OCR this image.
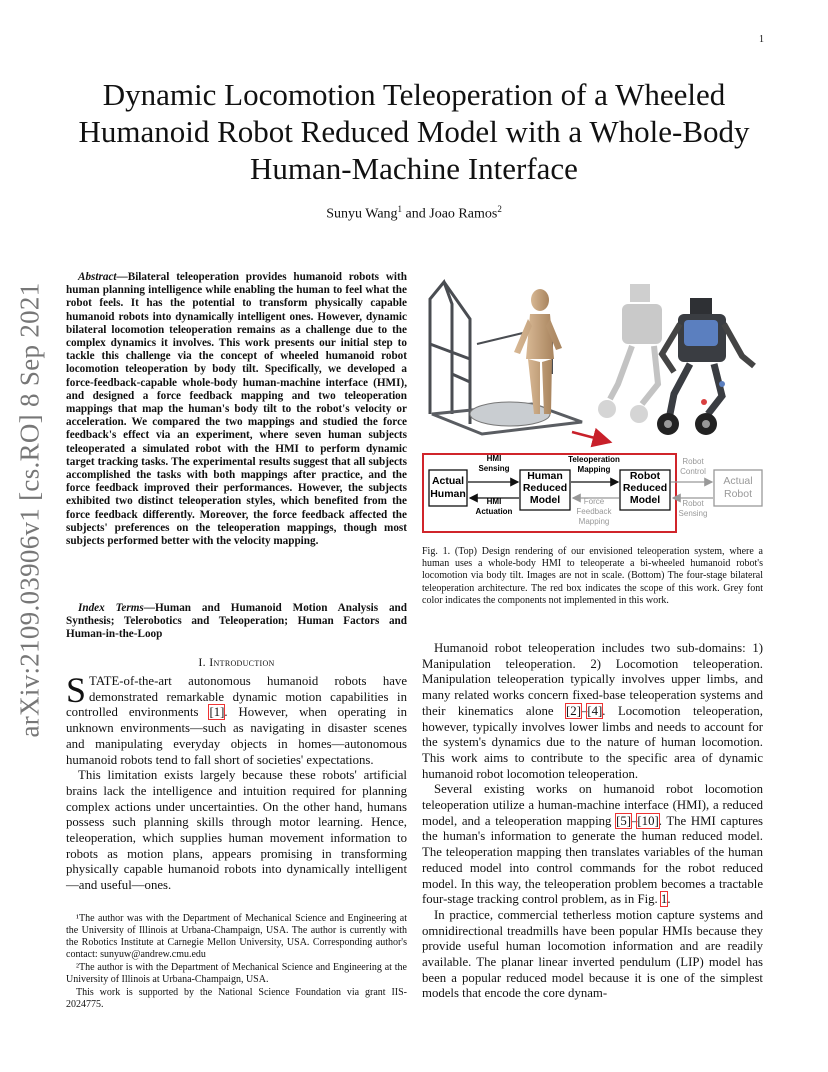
1
arXiv:2109.03906v1 [cs.RO] 8 Sep 2021
Dynamic Locomotion Teleoperation of a Wheeled Humanoid Robot Reduced Model with a Whole-Body Human-Machine Interface
Sunyu Wang$^1$ and Joao Ramos$^2$
Abstract—Bilateral teleoperation provides humanoid robots with human planning intelligence while enabling the human to feel what the robot feels. It has the potential to transform physically capable humanoid robots into dynamically intelligent ones. However, dynamic bilateral locomotion teleoperation remains as a challenge due to the complex dynamics it involves. This work presents our initial step to tackle this challenge via the concept of wheeled humanoid robot locomotion teleoperation by body tilt. Specifically, we developed a force-feedback-capable whole-body human-machine interface (HMI), and designed a force feedback mapping and two teleoperation mappings that map the human's body tilt to the robot's velocity or acceleration. We compared the two mappings and studied the force feedback's effect via an experiment, where seven human subjects teleoperated a simulated robot with the HMI to perform dynamic target tracking tasks. The experimental results suggest that all subjects accomplished the tasks with both mappings after practice, and the force feedback improved their performances. However, the subjects exhibited two distinct teleoperation styles, which benefited from the force feedback differently. Moreover, the force feedback affected the subjects' preferences on the teleoperation mappings, though most subjects performed better with the velocity mapping.
Index Terms—Human and Humanoid Motion Analysis and Synthesis; Telerobotics and Teleoperation; Human Factors and Human-in-the-Loop
I. Introduction

STATE-of-the-art autonomous humanoid robots have demonstrated remarkable dynamic motion capabilities in controlled environments [1]. However, when operating in unknown environments—such as navigating in disaster scenes and manipulating everyday objects in homes—autonomous humanoid robots tend to fall short of societies' expectations.

This limitation exists largely because these robots' artificial brains lack the intelligence and intuition required for planning complex actions under uncertainties. On the other hand, humans possess such planning skills through motor learning. Hence, teleoperation, which supplies human movement information to robots as motion plans, appears promising in transforming physically capable humanoid robots into dynamically intelligent—and useful—ones.

¹The author was with the Department of Mechanical Science and Engineering at the University of Illinois at Urbana-Champaign, USA. The author is currently with the Robotics Institute at Carnegie Mellon University, USA. Corresponding author's contact: sunyuw@andrew.cmu.edu

²The author is with the Department of Mechanical Science and Engineering at the University of Illinois at Urbana-Champaign, USA.

This work is supported by the National Science Foundation via grant IIS-2024775.

Actual Human
Human Reduced Model
Robot Reduced Model
Actual Robot
HMI Sensing
HMI Actuation
Teleoperation Mapping
Force Feedback Mapping
Robot Control
Robot Sensing
Fig. 1. (Top) Design rendering of our envisioned teleoperation system, where a human uses a whole-body HMI to teleoperate a bi-wheeled humanoid robot's locomotion via body tilt. Images are not in scale. (Bottom) The four-stage bilateral teleoperation architecture. The red box indicates the scope of this work. Grey font color indicates the components not implemented in this work.

Humanoid robot teleoperation includes two sub-domains: 1) Manipulation teleoperation. 2) Locomotion teleoperation. Manipulation teleoperation typically involves upper limbs, and many related works concern fixed-base teleoperation systems and their kinematics alone [2]–[4]. Locomotion teleoperation, however, typically involves lower limbs and needs to account for the system's dynamics due to the nature of human locomotion. This work aims to contribute to the specific area of dynamic humanoid robot locomotion teleoperation.

Several existing works on humanoid robot locomotion teleoperation utilize a human-machine interface (HMI), a reduced model, and a teleoperation mapping [5]–[10]. The HMI captures the human's information to generate the human reduced model. The teleoperation mapping then translates variables of the human reduced model into control commands for the robot reduced model. In this way, the teleoperation problem becomes a tractable four-stage tracking control problem, as in Fig. 1.

In practice, commercial tetherless motion capture systems and omnidirectional treadmills have been popular HMIs because they provide useful human locomotion information and are readily available. The planar linear inverted pendulum (LIP) model has been a popular reduced model because it is one of the simplest models that encode the core dynam-
